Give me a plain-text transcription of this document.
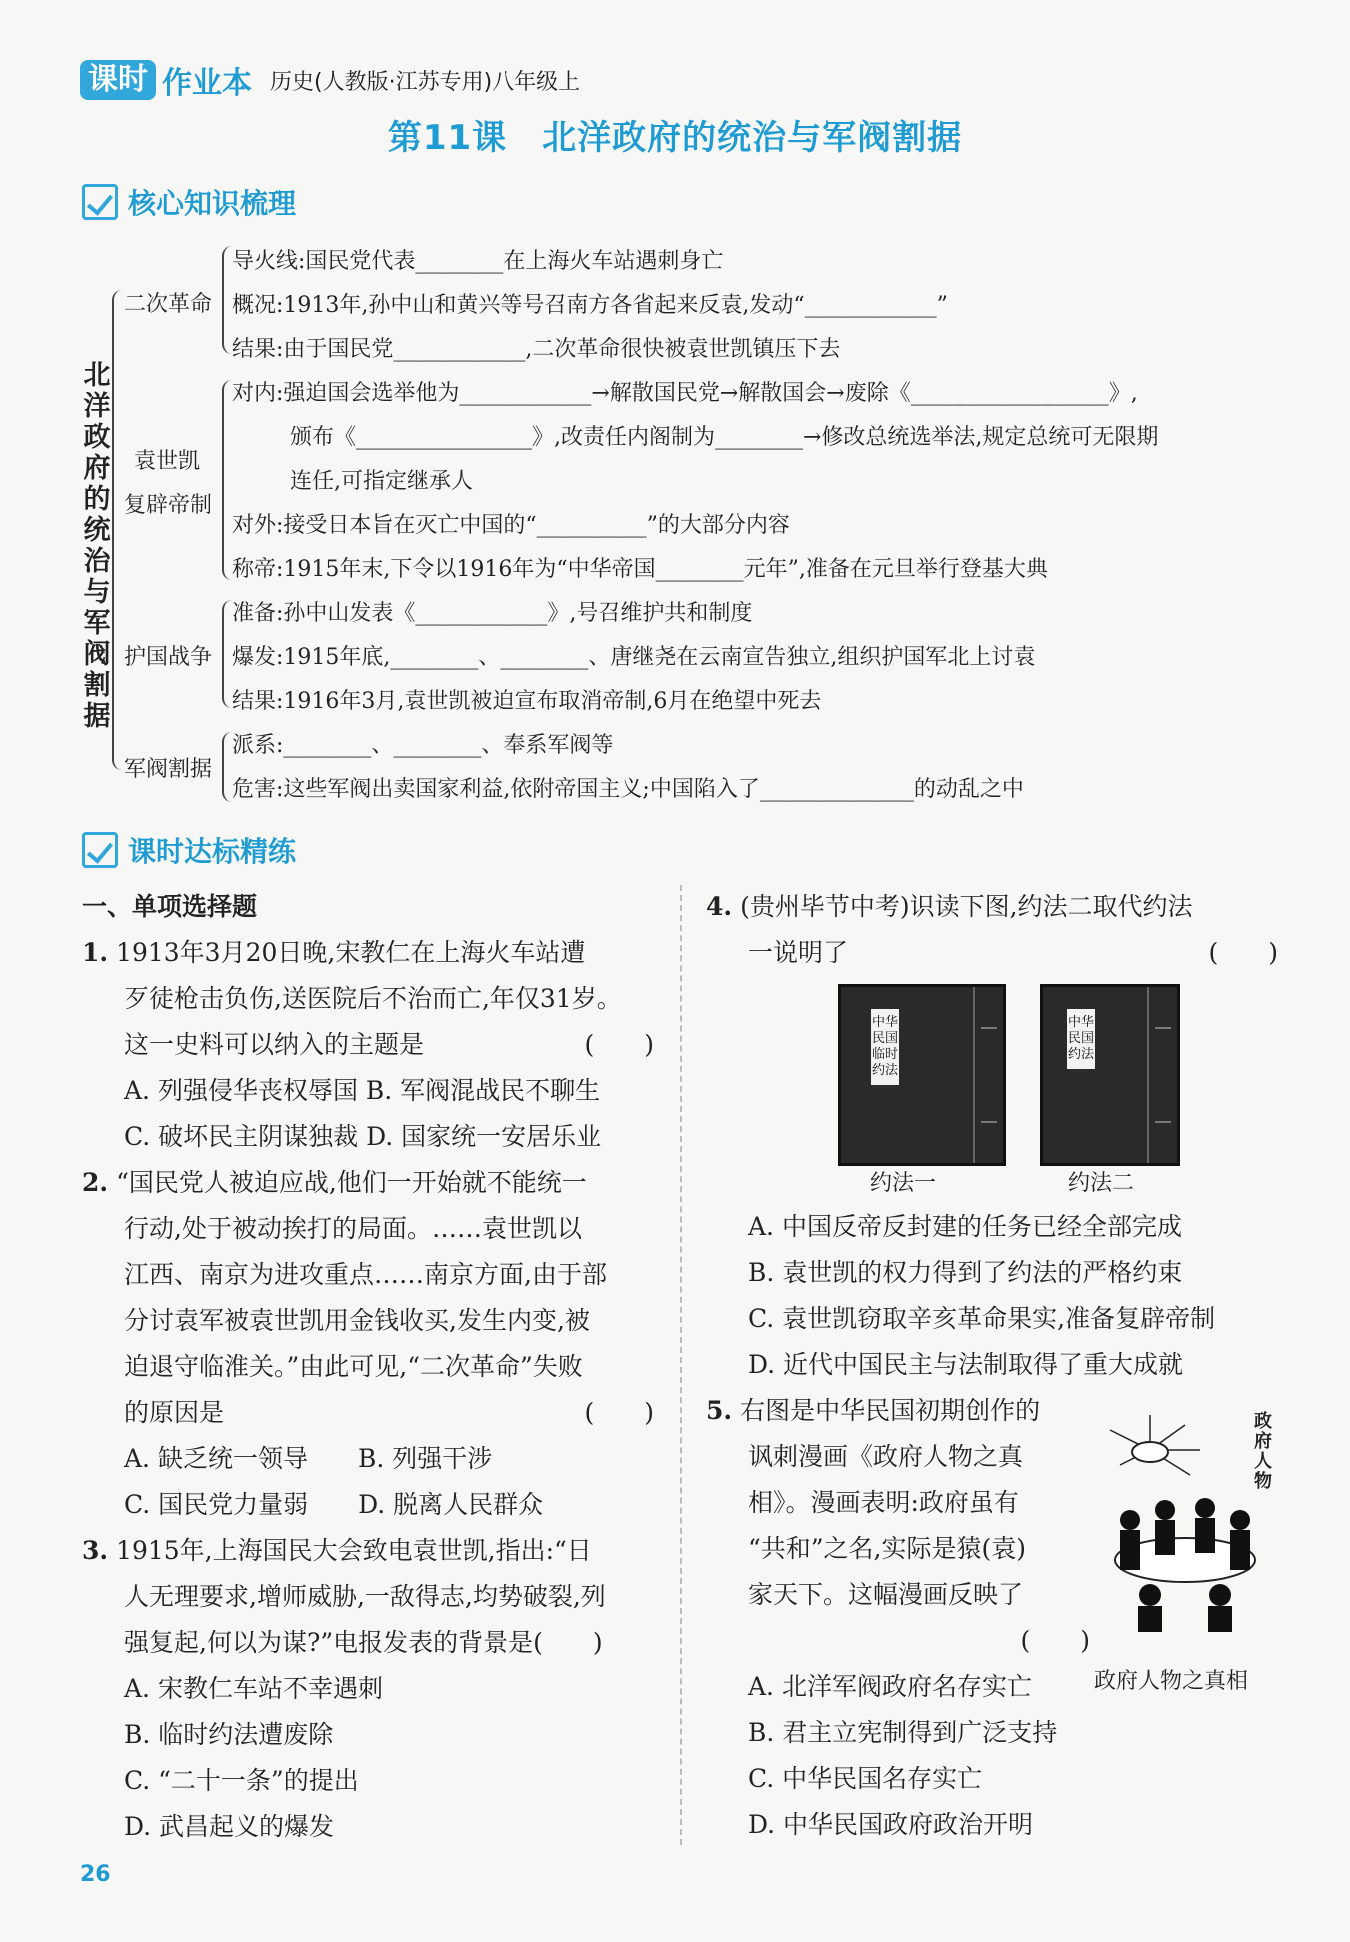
课时 作业本 历史(人教版·江苏专用)八年级上
第11课　北洋政府的统治与军阀割据
核心知识梳理
北洋政府的统治与军阀割据
二次革命
导火线:国民党代表________在上海火车站遇刺身亡
概况:1913年,孙中山和黄兴等号召南方各省起来反袁,发动“____________”
结果:由于国民党____________,二次革命很快被袁世凯镇压下去
袁世凯
复辟帝制
对内:强迫国会选举他为____________→解散国民党→解散国会→废除《__________________》,
颁布《________________》,改责任内阁制为________→修改总统选举法,规定总统可无限期
连任,可指定继承人
对外:接受日本旨在灭亡中国的“__________”的大部分内容
称帝:1915年末,下令以1916年为“中华帝国________元年”,准备在元旦举行登基大典
护国战争
准备:孙中山发表《____________》,号召维护共和制度
爆发:1915年底,________、________、唐继尧在云南宣告独立,组织护国军北上讨袁
结果:1916年3月,袁世凯被迫宣布取消帝制,6月在绝望中死去
军阀割据
派系:________、________、奉系军阀等
危害:这些军阀出卖国家利益,依附帝国主义;中国陷入了______________的动乱之中
课时达标精练
一、单项选择题
1. 1913年3月20日晚,宋教仁在上海火车站遭
歹徒枪击负伤,送医院后不治而亡,年仅31岁。
这一史料可以纳入的主题是	(　　)
A. 列强侵华丧权辱国 B. 军阀混战民不聊生
C. 破坏民主阴谋独裁 D. 国家统一安居乐业
2. “国民党人被迫应战,他们一开始就不能统一
行动,处于被动挨打的局面。……袁世凯以
江西、南京为进攻重点……南京方面,由于部
分讨袁军被袁世凯用金钱收买,发生内变,被
迫退守临淮关。”由此可见,“二次革命”失败
的原因是	(　　)
A. 缺乏统一领导　　B. 列强干涉
C. 国民党力量弱　　D. 脱离人民群众
3. 1915年,上海国民大会致电袁世凯,指出:“日
人无理要求,增师威胁,一敌得志,均势破裂,列
强复起,何以为谋?”电报发表的背景是(　　)
A. 宋教仁车站不幸遇刺
B. 临时约法遭废除
C. “二十一条”的提出
D. 武昌起义的爆发
4. (贵州毕节中考)识读下图,约法二取代约法
一说明了	(　　)
中华民国临时约法
中华民国约法
约法一	约法二
A. 中国反帝反封建的任务已经全部完成
B. 袁世凯的权力得到了约法的严格约束
C. 袁世凯窃取辛亥革命果实,准备复辟帝制
D. 近代中国民主与法制取得了重大成就
5. 右图是中华民国初期创作的
讽刺漫画《政府人物之真
相》。漫画表明:政府虽有
“共和”之名,实际是猿(袁)
家天下。这幅漫画反映了
(　　)

A. 北洋军阀政府名存实亡
B. 君主立宪制得到广泛支持
C. 中华民国名存实亡
D. 中华民国政府政治开明
政府人物
政府人物之真相
26
